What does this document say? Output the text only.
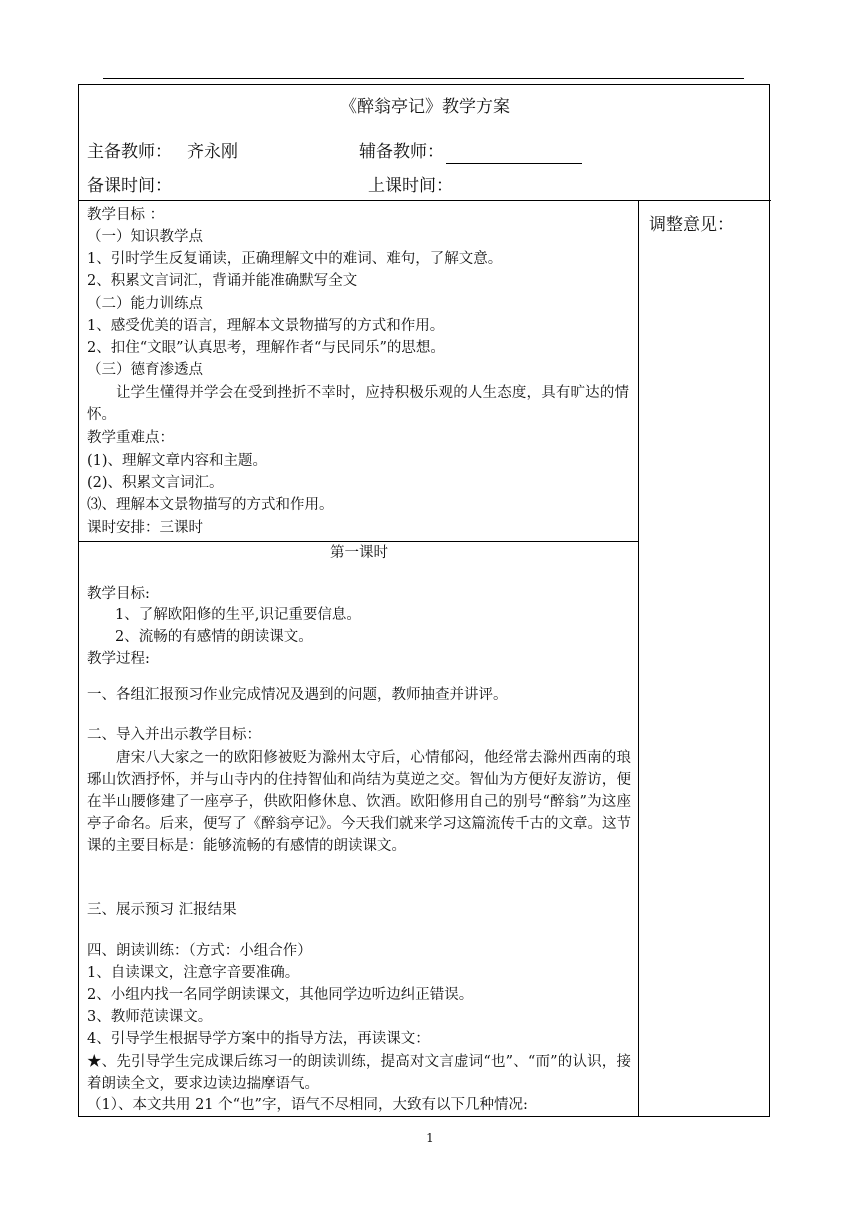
《醉翁亭记》教学方案
主备教师： 齐永刚	辅备教师：
备课时间：	上课时间：
调整意见：
教学目标 ：
（一）知识教学点
1、引时学生反复诵读，正确理解文中的难词、难句，了解文意。
2、积累文言词汇，背诵并能准确默写全文
（二）能力训练点
1、感受优美的语言，理解本文景物描写的方式和作用。
2、扣住“文眼”认真思考，理解作者“与民同乐”的思想。
（三）德育渗透点
让学生懂得并学会在受到挫折不幸时，应持积极乐观的人生态度，具有旷达的情怀。
教学重难点：
(1)、理解文章内容和主题。
(2)、积累文言词汇。
⑶、理解本文景物描写的方式和作用。
课时安排：三课时
第一课时
教学目标:
1、了解欧阳修的生平,识记重要信息。
2、流畅的有感情的朗读课文。
教学过程:
一、各组汇报预习作业完成情况及遇到的问题，教师抽查并讲评。
二、导入并出示教学目标：
唐宋八大家之一的欧阳修被贬为滁州太守后，心情郁闷，他经常去滁州西南的琅琊山饮酒抒怀，并与山寺内的住持智仙和尚结为莫逆之交。智仙为方便好友游访，便在半山腰修建了一座亭子，供欧阳修休息、饮酒。欧阳修用自己的别号“醉翁”为这座亭子命名。后来，便写了《醉翁亭记》。今天我们就来学习这篇流传千古的文章。这节课的主要目标是：能够流畅的有感情的朗读课文。
三、展示预习 汇报结果
四、朗读训练：（方式：小组合作）
1、自读课文，注意字音要准确。
2、小组内找一名同学朗读课文，其他同学边听边纠正错误。
3、教师范读课文。
4、引导学生根据导学方案中的指导方法，再读课文：
★、先引导学生完成课后练习一的朗读训练，提高对文言虚词“也”、“而”的认识，接着朗读全文，要求边读边揣摩语气。
（1）、本文共用 21 个“也”字，语气不尽相同，大致有以下几种情况:
1
